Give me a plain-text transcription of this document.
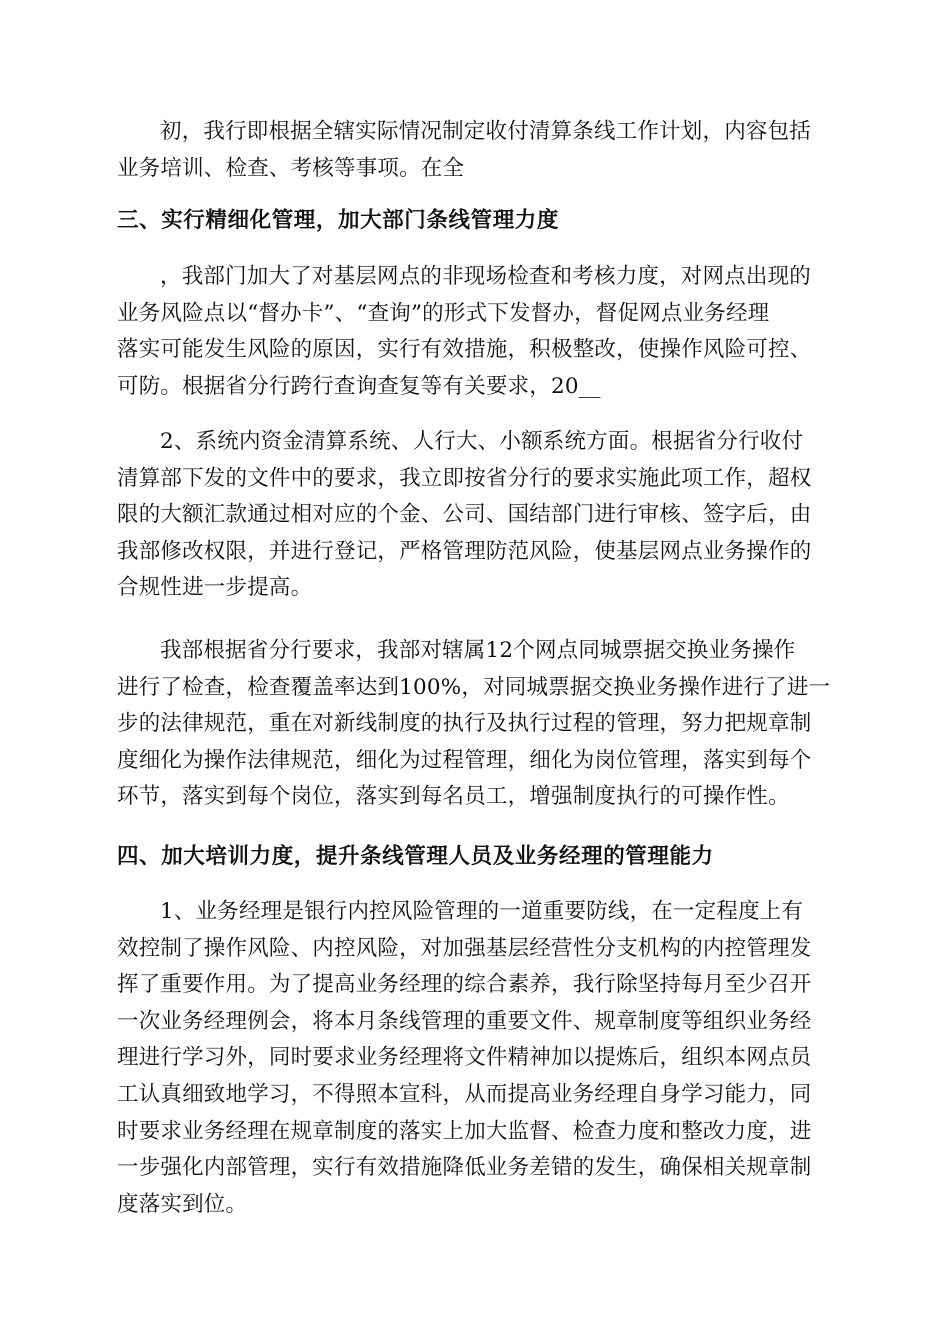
初，我行即根据全辖实际情况制定收付清算条线工作计划，内容包括
业务培训、检查、考核等事项。在全
三、实行精细化管理，加大部门条线管理力度
，我部门加大了对基层网点的非现场检查和考核力度，对网点出现的
业务风险点以“督办卡”、“查询”的形式下发督办，督促网点业务经理
落实可能发生风险的原因，实行有效措施，积极整改，使操作风险可控、
可防。根据省分行跨行查询查复等有关要求，20__
2、系统内资金清算系统、人行大、小额系统方面。根据省分行收付
清算部下发的文件中的要求，我立即按省分行的要求实施此项工作，超权
限的大额汇款通过相对应的个金、公司、国结部门进行审核、签字后，由
我部修改权限，并进行登记，严格管理防范风险，使基层网点业务操作的
合规性进一步提高。
我部根据省分行要求，我部对辖属12个网点同城票据交换业务操作
进行了检查，检查覆盖率达到100%，对同城票据交换业务操作进行了进一
步的法律规范，重在对新线制度的执行及执行过程的管理，努力把规章制
度细化为操作法律规范，细化为过程管理，细化为岗位管理，落实到每个
环节，落实到每个岗位，落实到每名员工，增强制度执行的可操作性。
四、加大培训力度，提升条线管理人员及业务经理的管理能力
1、业务经理是银行内控风险管理的一道重要防线，在一定程度上有
效控制了操作风险、内控风险，对加强基层经营性分支机构的内控管理发
挥了重要作用。为了提高业务经理的综合素养，我行除坚持每月至少召开
一次业务经理例会，将本月条线管理的重要文件、规章制度等组织业务经
理进行学习外，同时要求业务经理将文件精神加以提炼后，组织本网点员
工认真细致地学习，不得照本宣科，从而提高业务经理自身学习能力，同
时要求业务经理在规章制度的落实上加大监督、检查力度和整改力度，进
一步强化内部管理，实行有效措施降低业务差错的发生，确保相关规章制
度落实到位。
